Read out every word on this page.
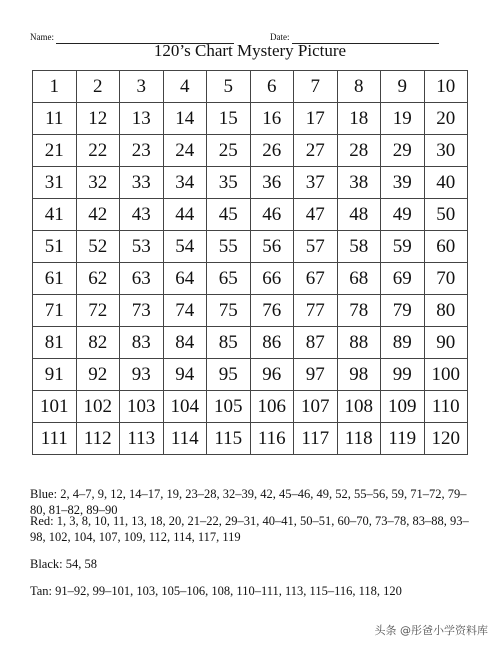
Name:	Date:
120’s Chart Mystery Picture
1	2	3	4	5	6	7	8	9	10
11	12	13	14	15	16	17	18	19	20
21	22	23	24	25	26	27	28	29	30
31	32	33	34	35	36	37	38	39	40
41	42	43	44	45	46	47	48	49	50
51	52	53	54	55	56	57	58	59	60
61	62	63	64	65	66	67	68	69	70
71	72	73	74	75	76	77	78	79	80
81	82	83	84	85	86	87	88	89	90
91	92	93	94	95	96	97	98	99	100
101 102 103 104 105 106 107 108 109 110
111 112 113 114 115 116 117 118 119 120
Blue: 2, 4–7, 9, 12, 14–17, 19, 23–28, 32–39, 42, 45–46, 49, 52, 55–56, 59, 71–72, 79–80, 81–82, 89–90
Red: 1, 3, 8, 10, 11, 13, 18, 20, 21–22, 29–31, 40–41, 50–51, 60–70, 73–78, 83–88, 93–98, 102, 104, 107, 109, 112, 114, 117, 119
Black: 54, 58
Tan: 91–92, 99–101, 103, 105–106, 108, 110–111, 113, 115–116, 118, 120
头条 @彤爸小学资料库
